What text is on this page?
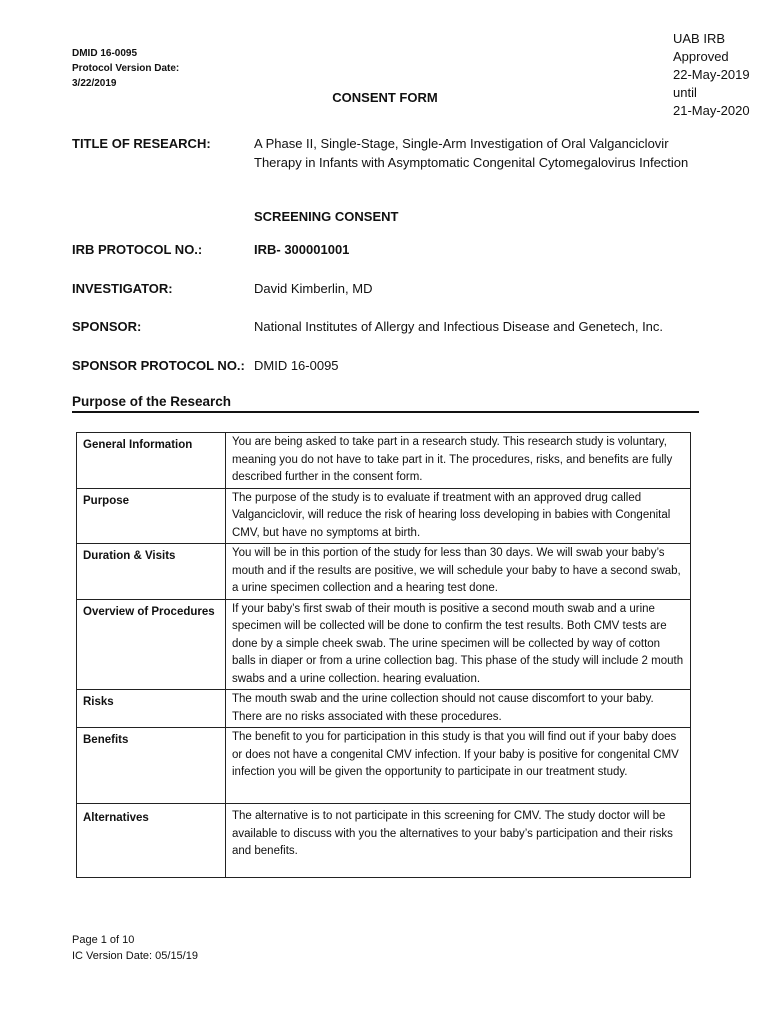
DMID 16-0095
Protocol Version Date:
3/22/2019
UAB IRB
Approved
22-May-2019
until
21-May-2020
CONSENT FORM
TITLE OF RESEARCH:	A Phase II, Single-Stage, Single-Arm Investigation of Oral Valganciclovir Therapy in Infants with Asymptomatic Congenital Cytomegalovirus Infection
SCREENING CONSENT
IRB PROTOCOL NO.:	IRB- 300001001
INVESTIGATOR:	David Kimberlin, MD
SPONSOR:	National Institutes of Allergy and Infectious Disease and Genetech, Inc.
SPONSOR PROTOCOL NO.: DMID 16-0095
Purpose of the Research
General Information	You are being asked to take part in a research study. This research study is voluntary, meaning you do not have to take part in it. The procedures, risks, and benefits are fully described further in the consent form.
Purpose	The purpose of the study is to evaluate if treatment with an approved drug called Valganciclovir, will reduce the risk of hearing loss developing in babies with Congenital CMV, but have no symptoms at birth.
Duration & Visits	You will be in this portion of the study for less than 30 days. We will swab your baby’s mouth and if the results are positive, we will schedule your baby to have a second swab, a urine specimen collection and a hearing test done.
Overview of Procedures	If your baby’s first swab of their mouth is positive a second mouth swab and a urine specimen will be collected will be done to confirm the test results. Both CMV tests are done by a simple cheek swab. The urine specimen will be collected by way of cotton balls in diaper or from a urine collection bag. This phase of the study will include 2 mouth swabs and a urine collection. hearing evaluation.
Risks	The mouth swab and the urine collection should not cause discomfort to your baby. There are no risks associated with these procedures.
Benefits	The benefit to you for participation in this study is that you will find out if your baby does or does not have a congenital CMV infection. If your baby is positive for congenital CMV infection you will be given the opportunity to participate in our treatment study.
Alternatives	The alternative is to not participate in this screening for CMV. The study doctor will be available to discuss with you the alternatives to your baby’s participation and their risks and benefits.
Page 1 of 10
IC Version Date: 05/15/19
